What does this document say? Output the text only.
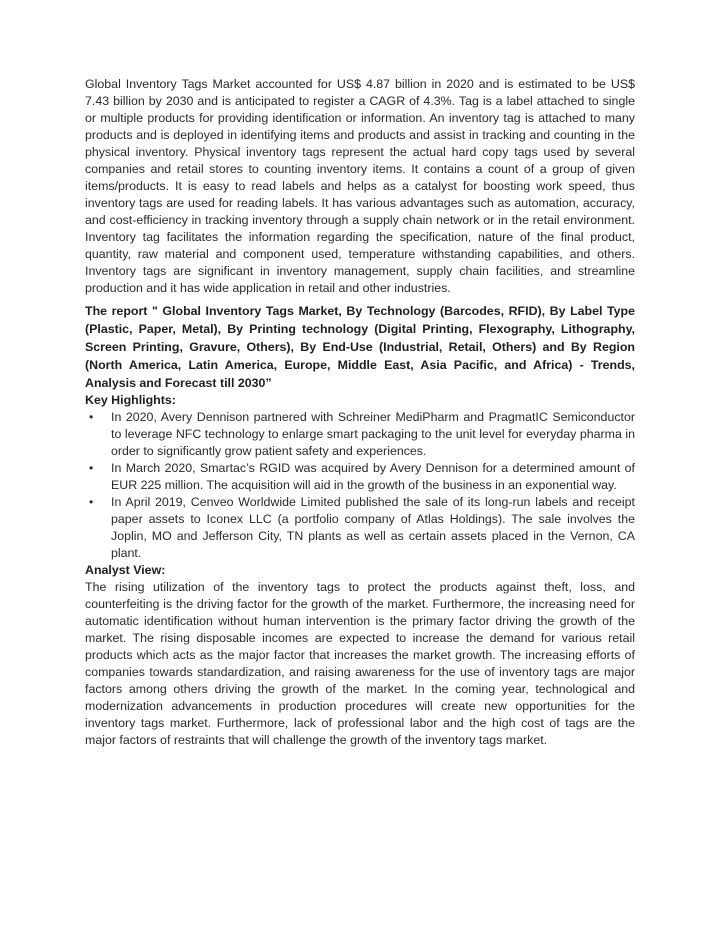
Global Inventory Tags Market accounted for US$ 4.87 billion in 2020 and is estimated to be US$ 7.43 billion by 2030 and is anticipated to register a CAGR of 4.3%. Tag is a label attached to single or multiple products for providing identification or information. An inventory tag is attached to many products and is deployed in identifying items and products and assist in tracking and counting in the physical inventory. Physical inventory tags represent the actual hard copy tags used by several companies and retail stores to counting inventory items. It contains a count of a group of given items/products. It is easy to read labels and helps as a catalyst for boosting work speed, thus inventory tags are used for reading labels. It has various advantages such as automation, accuracy, and cost-efficiency in tracking inventory through a supply chain network or in the retail environment. Inventory tag facilitates the information regarding the specification, nature of the final product, quantity, raw material and component used, temperature withstanding capabilities, and others. Inventory tags are significant in inventory management, supply chain facilities, and streamline production and it has wide application in retail and other industries.

The report " Global Inventory Tags Market, By Technology (Barcodes, RFID), By Label Type (Plastic, Paper, Metal), By Printing technology (Digital Printing, Flexography, Lithography, Screen Printing, Gravure, Others), By End-Use (Industrial, Retail, Others) and By Region (North America, Latin America, Europe, Middle East, Asia Pacific, and Africa) - Trends, Analysis and Forecast till 2030”

Key Highlights:

• In 2020, Avery Dennison partnered with Schreiner MediPharm and PragmatIC Semiconductor to leverage NFC technology to enlarge smart packaging to the unit level for everyday pharma in order to significantly grow patient safety and experiences.
• In March 2020, Smartac’s RGID was acquired by Avery Dennison for a determined amount of EUR 225 million. The acquisition will aid in the growth of the business in an exponential way.
• In April 2019, Cenveo Worldwide Limited published the sale of its long-run labels and receipt paper assets to Iconex LLC (a portfolio company of Atlas Holdings). The sale involves the Joplin, MO and Jefferson City, TN plants as well as certain assets placed in the Vernon, CA plant.

Analyst View:

The rising utilization of the inventory tags to protect the products against theft, loss, and counterfeiting is the driving factor for the growth of the market. Furthermore, the increasing need for automatic identification without human intervention is the primary factor driving the growth of the market. The rising disposable incomes are expected to increase the demand for various retail products which acts as the major factor that increases the market growth. The increasing efforts of companies towards standardization, and raising awareness for the use of inventory tags are major factors among others driving the growth of the market. In the coming year, technological and modernization advancements in production procedures will create new opportunities for the inventory tags market. Furthermore, lack of professional labor and the high cost of tags are the major factors of restraints that will challenge the growth of the inventory tags market.
